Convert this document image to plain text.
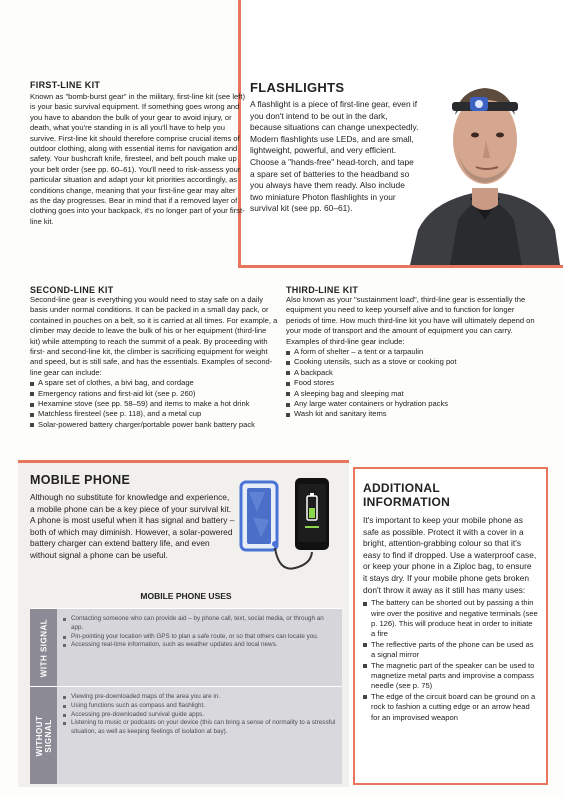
FIRST-LINE KIT

Known as "bomb-burst gear" in the military, first-line kit (see left) is your basic survival equipment. If something goes wrong and you have to abandon the bulk of your gear to avoid injury, or death, what you're standing in is all you'll have to help you survive. First-line kit should therefore comprise crucial items of outdoor clothing, along with essential items for navigation and safety. Your bushcraft knife, firesteel, and belt pouch make up your belt order (see pp. 60–61). You'll need to risk-assess your particular situation and adapt your kit priorities accordingly, as conditions change, meaning that your first-line gear may alter as the day progresses. Bear in mind that if a removed layer of clothing goes into your backpack, it's no longer part of your first-line kit.

FLASHLIGHTS

A flashlight is a piece of first-line gear, even if you don't intend to be out in the dark, because situations can change unexpectedly. Modern flashlights use LEDs, and are small, lightweight, powerful, and very efficient. Choose a "hands-free" head-torch, and tape a spare set of batteries to the headband so you always have them ready. Also include two miniature Photon flashlights in your survival kit (see pp. 60–61).

SECOND-LINE KIT

Second-line gear is everything you would need to stay safe on a daily basis under normal conditions. It can be packed in a small day pack, or contained in pouches on a belt, so it is carried at all times. For example, a climber may decide to leave the bulk of his or her equipment (third-line kit) while attempting to reach the summit of a peak. By proceeding with first- and second-line kit, the climber is sacrificing equipment for weight and speed, but is still safe, and has the essentials. Examples of second-line gear can include:

A spare set of clothes, a bivi bag, and cordage
Emergency rations and first-aid kit (see p. 260)
Hexamine stove (see pp. 58–59) and items to make a hot drink
Matchless firesteel (see p. 118), and a metal cup
Solar-powered battery charger/portable power bank battery pack
THIRD-LINE KIT

Also known as your "sustainment load", third-line gear is essentially the equipment you need to keep yourself alive and to function for longer periods of time. How much third-line kit you have will ultimately depend on your mode of transport and the amount of equipment you can carry. Examples of third-line gear include:

A form of shelter – a tent or a tarpaulin
Cooking utensils, such as a stove or cooking pot
A backpack
Food stores
A sleeping bag and sleeping mat
Any large water containers or hydration packs
Wash kit and sanitary items
MOBILE PHONE

Although no substitute for knowledge and experience, a mobile phone can be a key piece of your survival kit. A phone is most useful when it has signal and battery – both of which may diminish. However, a solar-powered battery charger can extend battery life, and even without signal a phone can be useful.

MOBILE PHONE USES
WITH SIGNAL	Contacting someone who can provide aid – by phone call, text, social media, or through an app.
Pin-pointing your location with GPS to plan a safe route, or so that others can locate you.
Accessing real-time information, such as weather updates and local news.
WITHOUT SIGNAL
Viewing pre-downloaded maps of the area you are in.
Using functions such as compass and flashlight.
Accessing pre-downloaded survival guide apps.
Listening to music or podcasts on your device (this can bring a sense of normality to a stressful situation, as well as keeping feelings of isolation at bay).
ADDITIONAL
INFORMATION

It's important to keep your mobile phone as safe as possible. Protect it with a cover in a bright, attention-grabbing colour so that it's easy to find if dropped. Use a waterproof case, or keep your phone in a Ziploc bag, to ensure it stays dry. If your mobile phone gets broken don't throw it away as it still has many uses:

The battery can be shorted out by passing a thin wire over the positive and negative terminals (see p. 126). This will produce heat in order to initiate a fire
The reflective parts of the phone can be used as a signal mirror
The magnetic part of the speaker can be used to magnetize metal parts and improvise a compass needle (see p. 75)
The edge of the circuit board can be ground on a rock to fashion a cutting edge or an arrow head for an improvised weapon
